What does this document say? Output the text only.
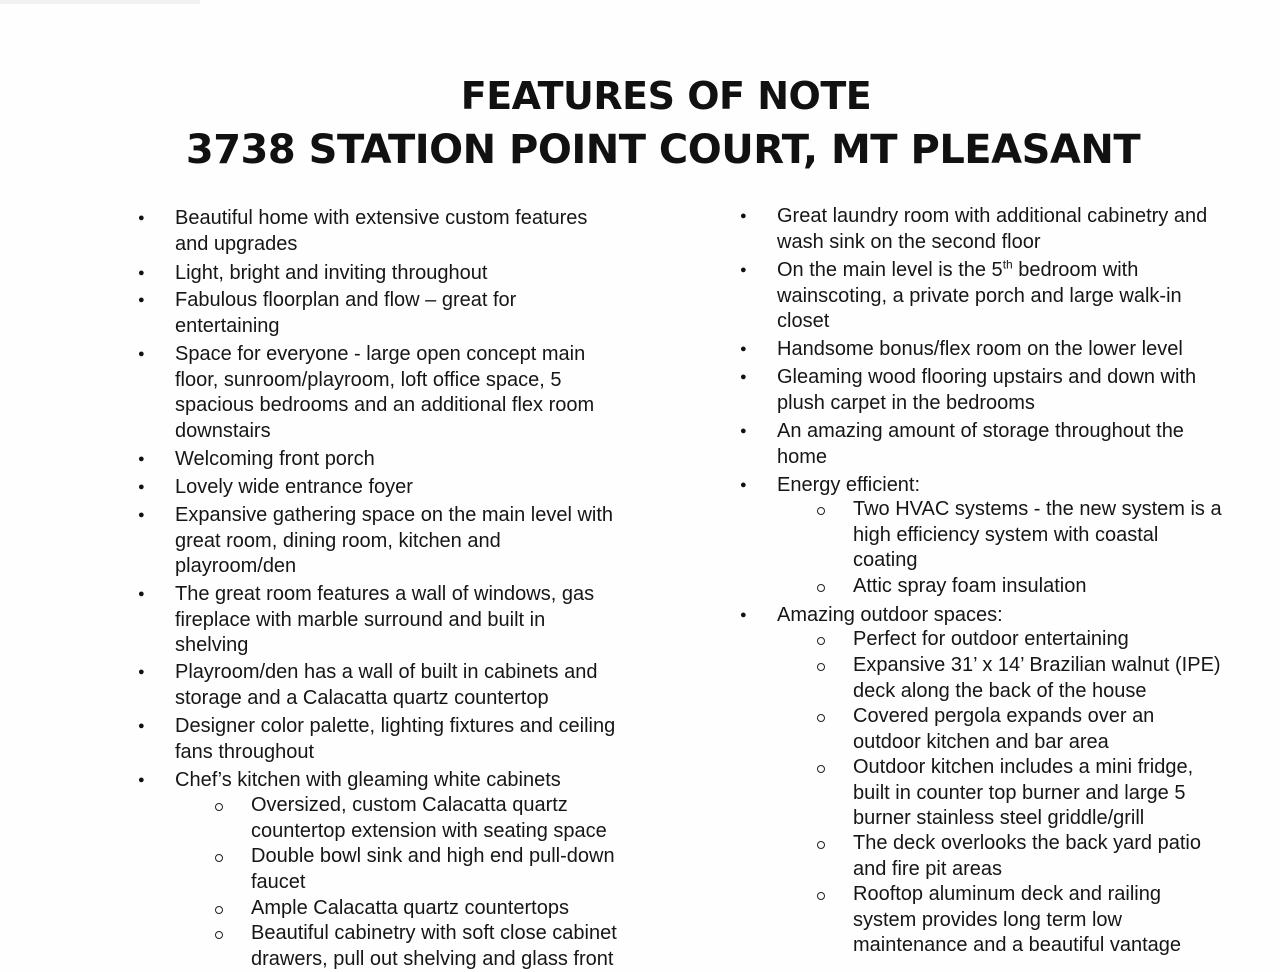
FEATURES OF NOTE
3738 STATION POINT COURT, MT PLEASANT
● Beautiful home with extensive custom features
and upgrades
● Light, bright and inviting throughout
● Fabulous floorplan and flow – great for
entertaining
● Space for everyone - large open concept main
floor, sunroom/playroom, loft office space, 5
spacious bedrooms and an additional flex room
downstairs
● Welcoming front porch
● Lovely wide entrance foyer
● Expansive gathering space on the main level with
great room, dining room, kitchen and
playroom/den
● The great room features a wall of windows, gas
fireplace with marble surround and built in
shelving
● Playroom/den has a wall of built in cabinets and
storage and a Calacatta quartz countertop
● Designer color palette, lighting fixtures and ceiling
fans throughout
● Chef’s kitchen with gleaming white cabinets
Oversized, custom Calacatta quartz
countertop extension with seating space
Double bowl sink and high end pull-down
faucet
Ample Calacatta quartz countertops
Beautiful cabinetry with soft close cabinet
drawers, pull out shelving and glass front
● Great laundry room with additional cabinetry and
wash sink on the second floor
● On the main level is the 5th bedroom with
wainscoting, a private porch and large walk-in
closet
● Handsome bonus/flex room on the lower level
● Gleaming wood flooring upstairs and down with
plush carpet in the bedrooms
● An amazing amount of storage throughout the
home
● Energy efficient:
● Amazing outdoor spaces:
Two HVAC systems - the new system is a
high efficiency system with coastal
coating
Attic spray foam insulation
Perfect for outdoor entertaining
Expansive 31’ x 14’ Brazilian walnut (IPE)
deck along the back of the house
Covered pergola expands over an
outdoor kitchen and bar area
Outdoor kitchen includes a mini fridge,
built in counter top burner and large 5
burner stainless steel griddle/grill
The deck overlooks the back yard patio
and fire pit areas
Rooftop aluminum deck and railing
system provides long term low
maintenance and a beautiful vantage
